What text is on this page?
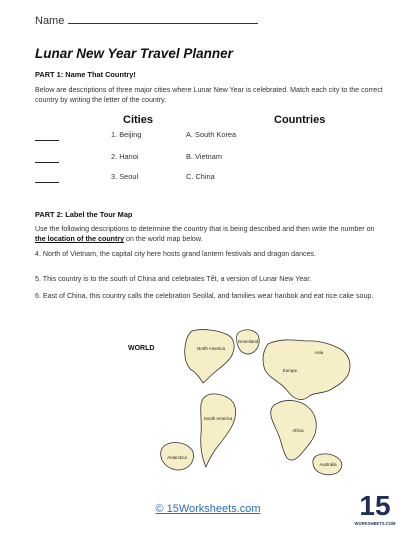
Name
Lunar New Year Travel Planner
PART 1: Name That Country!
Below are descriptions of three major cities where Lunar New Year is celebrated. Match each city to the correct country by writing the letter of the country.
Cities	Countries
1. Beijing	A. South Korea
2. Hanoi	B. Vietnam
3. Seoul	C. China
PART 2: Label the Tour Map
Use the following descriptions to determine the country that is being described and then write the number on the location of the country on the world map below.
4. North of Vietnam, the capital city here hosts grand lantern festivals and dragon dances.
5. This country is to the south of China and celebrates Tết, a version of Lunar New Year.
6. East of China, this country calls the celebration Seollal, and families wear hanbok and eat rice cake soup.
WORLD	North America
Greenland
Asia
Europe
South America
Africa
Antarctica
Australia
© 15Worksheets.com	15
WORKSHEETS.COM
